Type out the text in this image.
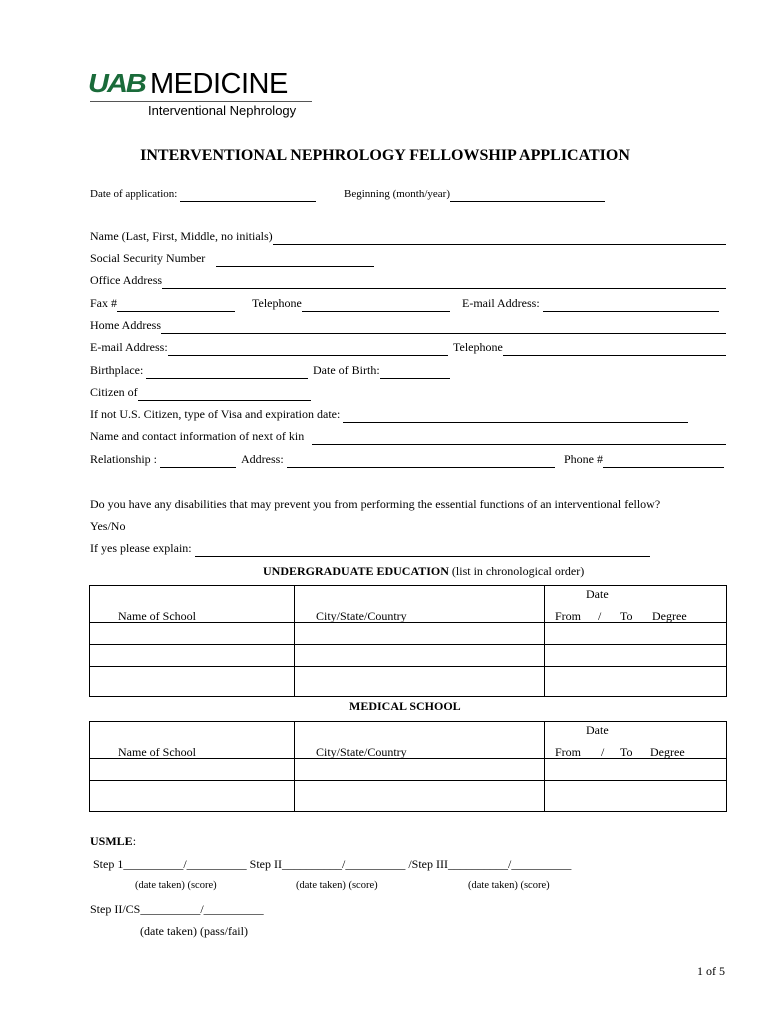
UAB MEDICINE
Interventional Nephrology
INTERVENTIONAL NEPHROLOGY FELLOWSHIP APPLICATION
Date of application:	Beginning (month/year)
Name (Last, First, Middle, no initials)

Social Security Number
Office Address

Fax #	Telephone	E-mail Address:
Home Address

E-mail Address:	Telephone

Birthplace:	Date of Birth:
Citizen of
If not U.S. Citizen, type of Visa and expiration date:
Name and contact information of next of kin

Relationship :	Address:	Phone #
Do you have any disabilities that may prevent you from performing the essential functions of an interventional fellow?
Yes/No
If yes please explain:
UNDERGRADUATE EDUCATION (list in chronological order)
Date
Name of School	City/State/Country	From / To Degree
MEDICAL SCHOOL
Date
Name of School	City/State/Country	From / To Degree
USMLE:
Step 1__________/__________ Step II__________/__________ /Step III__________/__________
(date taken) (score)	(date taken) (score)	(date taken) (score)
Step II/CS__________/__________
(date taken) (pass/fail)
1 of 5
